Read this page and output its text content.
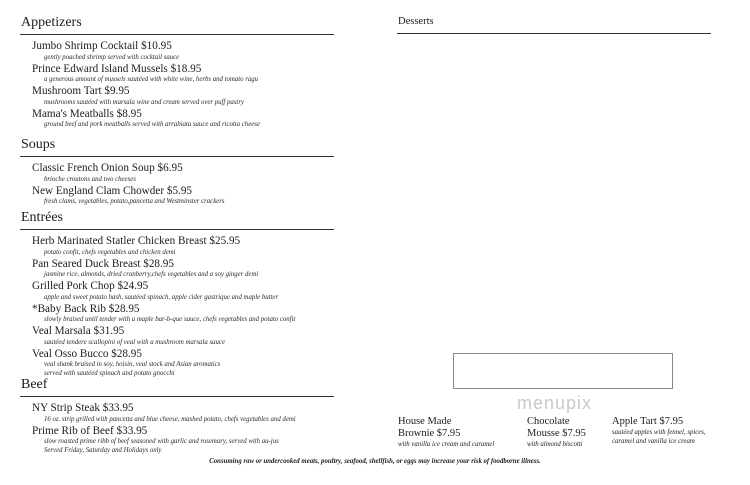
Appetizers
Jumbo Shrimp Cocktail $10.95
gently poached shrimp served with cocktail sauce
Prince Edward Island Mussels $18.95
a generous amount of mussels sautéed with white wine, herbs and tomato ragu
Mushroom Tart $9.95
mushrooms sautéed with marsala wine and cream served over puff pastry
Mama's Meatballs $8.95
ground beef and pork meatballs served with arrabiata sauce and ricotta cheese
Soups
Classic French Onion Soup $6.95
brioche croutons and two cheeses
New England Clam Chowder $5.95
fresh clams, vegetables, potato,pancetta and Westminster crackers
Entrées
Herb Marinated Statler Chicken Breast $25.95
potato confit, chefs vegetables and chicken demi
Pan Seared Duck Breast $28.95
jasmine rice, almonds, dried cranberry,chefs vegetables and a soy ginger demi
Grilled Pork Chop $24.95
apple and sweet potato hash, sautéed spinach, apple cider gastrique and maple butter
*Baby Back Rib $28.95
slowly braised until tender with a maple bar-b-que sauce, chefs vegetables and potato confit
Veal Marsala $31.95
sautéed tendere scallopini of veal with a mushroom marsala sauce
Veal Osso Bucco $28.95
veal shank braised in soy, hoisin, veal stock and Asian aromatics
served with sautéed spinach and potato gnocchi
Beef
NY Strip Steak $33.95
16 oz. strip grilled with pancetta and blue cheese, mashed potato, chefs vegetables and demi
Prime Rib of Beef $33.95
slow roasted prime ribb of beef seasoned with garlic and rosemary, served with au-jus
Served Friday, Saturday and Holidays only
Desserts
menupix
House Made
Brownie $7.95
with vanilla ice cream and caramel
Chocolate
Mousse $7.95
with almond biscotti
Apple Tart $7.95
sautéed apples with fennel, spices,
caramel and vanilla ice cream
Consuming raw or undercooked meats, poultry, seafood, shellfish, or eggs may increase your risk of foodborne illness.
